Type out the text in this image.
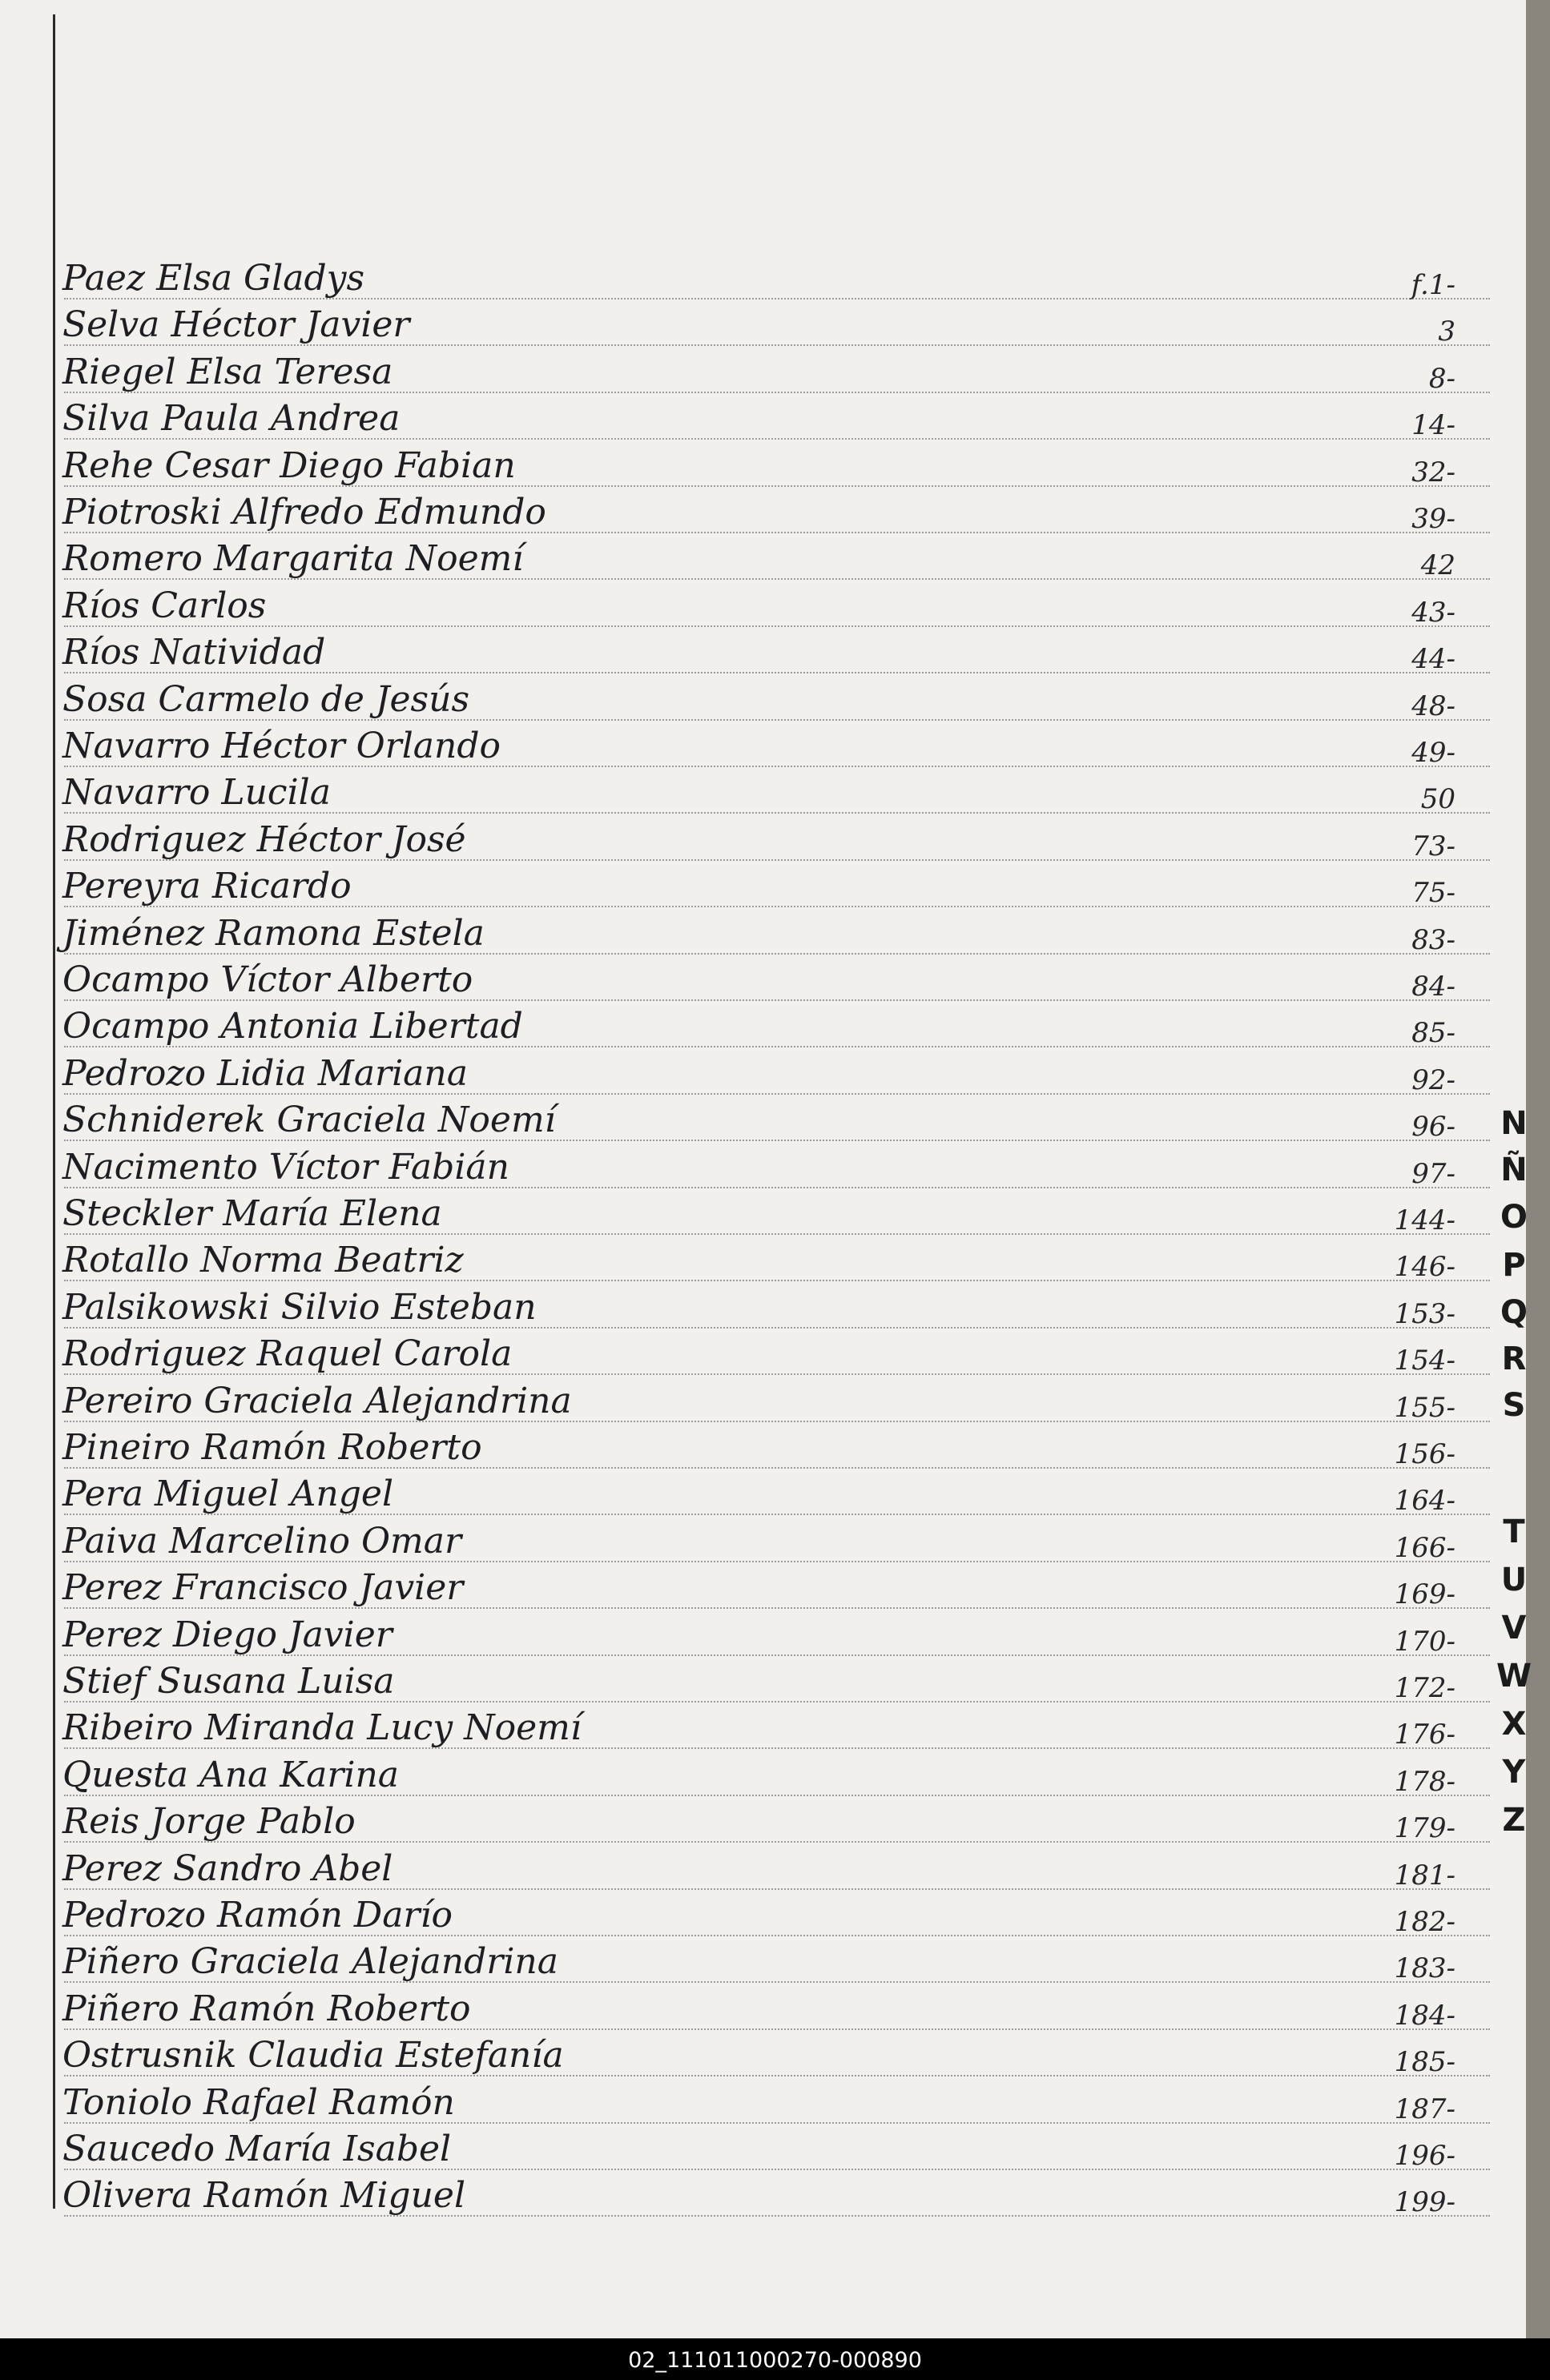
Paez Elsa Gladys	f.1-
Selva Héctor Javier	3
Riegel Elsa Teresa	8-
Silva Paula Andrea	14-
Rehe Cesar Diego Fabian	32-
Piotroski Alfredo Edmundo	39-
Romero Margarita Noemí	42
Ríos Carlos	43-
Ríos Natividad	44-
Sosa Carmelo de Jesús	48-
Navarro Héctor Orlando	49-
Navarro Lucila	50
Rodriguez Héctor José	73-
Pereyra Ricardo	75-
Jiménez Ramona Estela	83-
Ocampo Víctor Alberto	84-
Ocampo Antonia Libertad	85-
Pedrozo Lidia Mariana	92-
Schniderek Graciela Noemí	96-
Nacimento Víctor Fabián	97-
Steckler María Elena	144-
Rotallo Norma Beatriz	146-
Palsikowski Silvio Esteban	153-
Rodriguez Raquel Carola	154-
Pereiro Graciela Alejandrina	155-
Pineiro Ramón Roberto	156-
Pera Miguel Angel	164-
Paiva Marcelino Omar	166-
Perez Francisco Javier	169-
Perez Diego Javier	170-
Stief Susana Luisa	172-
Ribeiro Miranda Lucy Noemí	176-
Questa Ana Karina	178-
Reis Jorge Pablo	179-
Perez Sandro Abel	181-
Pedrozo Ramón Darío	182-
Piñero Graciela Alejandrina	183-
Piñero Ramón Roberto	184-
Ostrusnik Claudia Estefanía	185-
Toniolo Rafael Ramón	187-
Saucedo María Isabel	196-
Olivera Ramón Miguel	199-
N
Ñ
O
P
Q
R
S
T
U
V
W
X
Y
Z
02_111011000270-000890
